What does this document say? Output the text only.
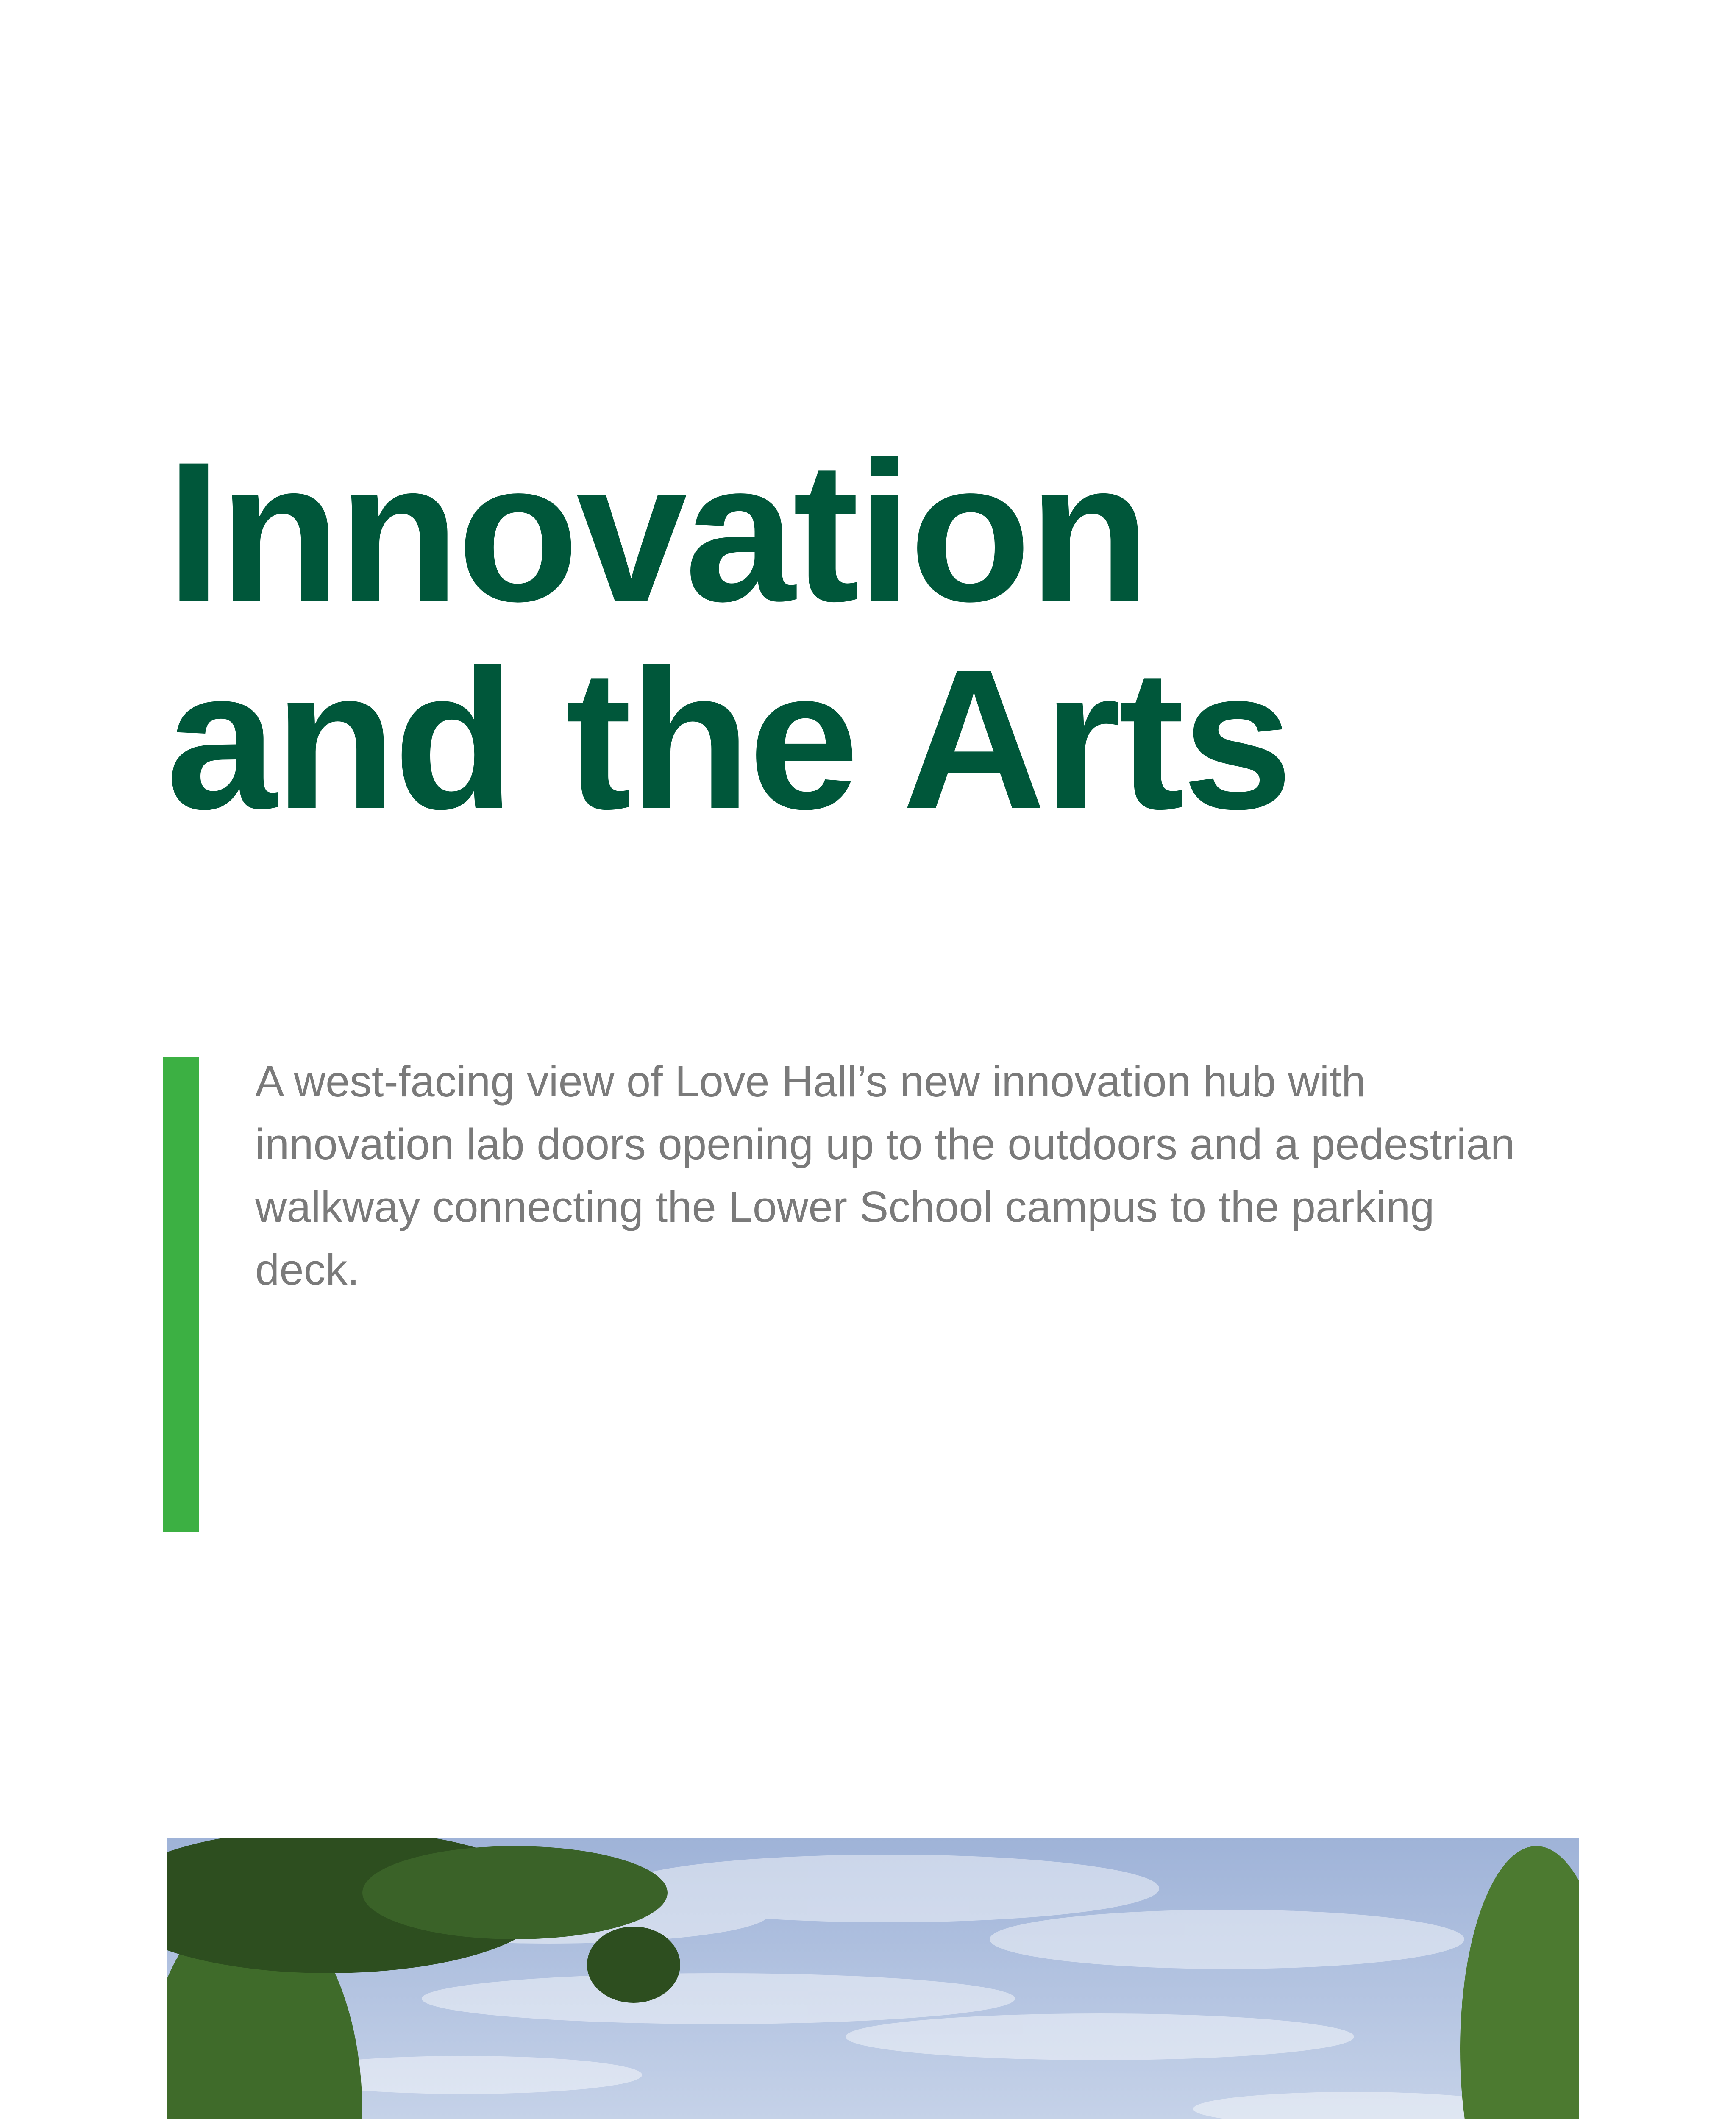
Innovation
and the Arts

A west-facing view of Love Hall’s new innovation hub with innovation lab doors opening up to the outdoors and a pedestrian walkway connecting the Lower School campus to the parking deck.
